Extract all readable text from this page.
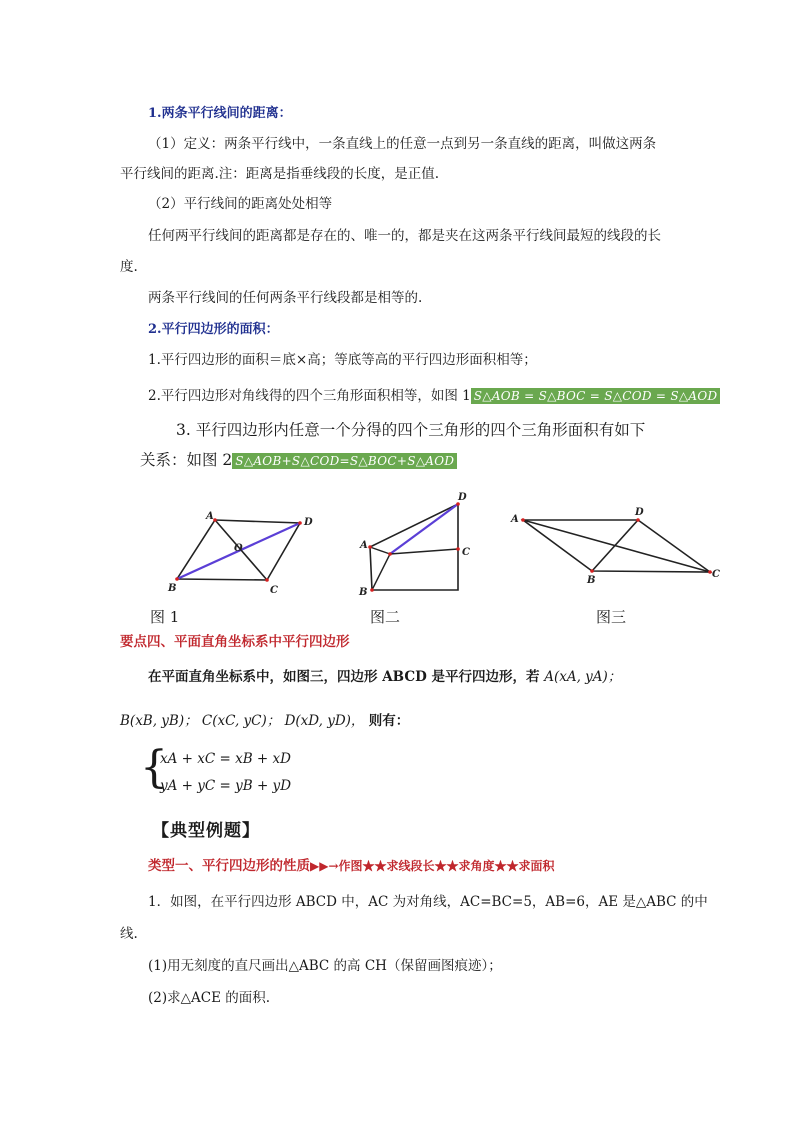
1.两条平行线间的距离：
（1）定义：两条平行线中，一条直线上的任意一点到另一条直线的距离，叫做这两条
平行线间的距离.注：距离是指垂线段的长度，是正值.
（2）平行线间的距离处处相等
任何两平行线间的距离都是存在的、唯一的，都是夹在这两条平行线间最短的线段的长
度.
两条平行线间的任何两条平行线段都是相等的.
2.平行四边形的面积：
1.平行四边形的面积＝底×高；等底等高的平行四边形面积相等；
2.平行四边形对角线得的四个三角形面积相等，如图 1 S△AOB = S△BOC = S△COD = S△AOD
3. 平行四边形内任意一个分得的四个三角形的四个三角形面积有如下
关系：如图 2 S△AOB+S△COD=S△BOC+S△AOD
A
D
O
B	C
A
D
C
B
A
D
B
C
图 1	图二	图三
要点四、平面直角坐标系中平行四边形
在平面直角坐标系中，如图三，四边形 ABCD 是平行四边形，若 A(xA, yA)；
B(xB, yB)； C(xC, yC)； D(xD, yD)， 则有：
{
xA + xC = xB + xD
yA + yC = yB + yD
【典型例题】
类型一、平行四边形的性质▶▶→作图★★求线段长★★求角度★★求面积
1．如图，在平行四边形 ABCD 中，AC 为对角线，AC=BC=5，AB=6，AE 是△ABC 的中
线.
(1)用无刻度的直尺画出△ABC 的高 CH（保留画图痕迹）；
(2)求△ACE 的面积.
